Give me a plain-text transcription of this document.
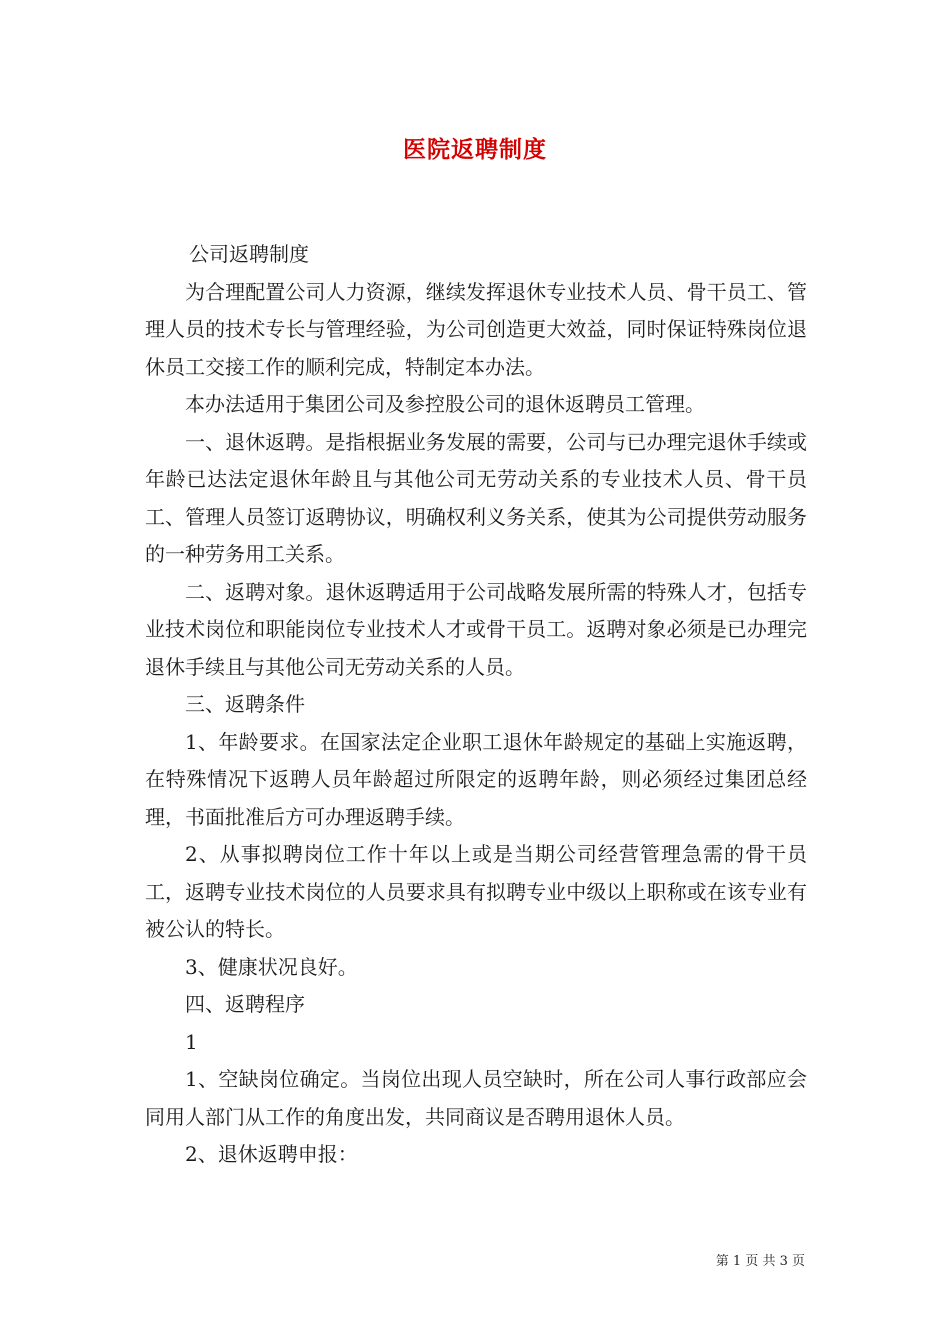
医院返聘制度

公司返聘制度

为合理配置公司人力资源，继续发挥退休专业技术人员、骨干员工、管理人员的技术专长与管理经验，为公司创造更大效益，同时保证特殊岗位退休员工交接工作的顺利完成，特制定本办法。

本办法适用于集团公司及参控股公司的退休返聘员工管理。

一、退休返聘。是指根据业务发展的需要，公司与已办理完退休手续或年龄已达法定退休年龄且与其他公司无劳动关系的专业技术人员、骨干员工、管理人员签订返聘协议，明确权利义务关系，使其为公司提供劳动服务的一种劳务用工关系。

二、返聘对象。退休返聘适用于公司战略发展所需的特殊人才，包括专业技术岗位和职能岗位专业技术人才或骨干员工。返聘对象必须是已办理完退休手续且与其他公司无劳动关系的人员。

三、返聘条件

1、年龄要求。在国家法定企业职工退休年龄规定的基础上实施返聘，在特殊情况下返聘人员年龄超过所限定的返聘年龄，则必须经过集团总经理，书面批准后方可办理返聘手续。

2、从事拟聘岗位工作十年以上或是当期公司经营管理急需的骨干员工，返聘专业技术岗位的人员要求具有拟聘专业中级以上职称或在该专业有被公认的特长。

3、健康状况良好。

四、返聘程序

1

1、空缺岗位确定。当岗位出现人员空缺时，所在公司人事行政部应会同用人部门从工作的角度出发，共同商议是否聘用退休人员。

2、退休返聘申报：

第 1 页 共 3 页
